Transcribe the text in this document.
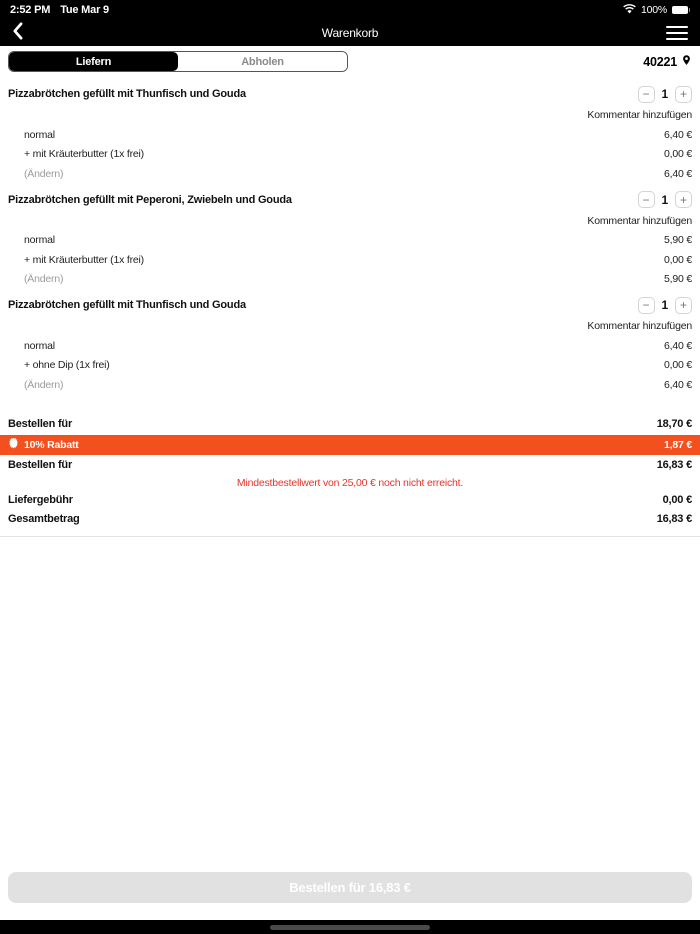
2:52 PM Tue Mar 9	100%
Warenkorb
Liefern	Abholen	40221
Pizzabrötchen gefüllt mit Thunfisch und Gouda	−	1 +
Kommentar hinzufügen
normal	6,40 €
+ mit Kräuterbutter (1x frei)	0,00 €
(Ändern)	6,40 €
Pizzabrötchen gefüllt mit Peperoni, Zwiebeln und Gouda	−	1 +
Kommentar hinzufügen
normal	5,90 €
+ mit Kräuterbutter (1x frei)	0,00 €
(Ändern)	5,90 €
Pizzabrötchen gefüllt mit Thunfisch und Gouda	−	1 +
Kommentar hinzufügen
normal	6,40 €
+ ohne Dip (1x frei)	0,00 €
(Ändern)	6,40 €
Bestellen für	18,70 €
10% Rabatt	1,87 €
Bestellen für	16,83 €
Mindestbestellwert von 25,00 € noch nicht erreicht.
Liefergebühr	0,00 €
Gesamtbetrag	16,83 €
Bestellen für 16,83 €
